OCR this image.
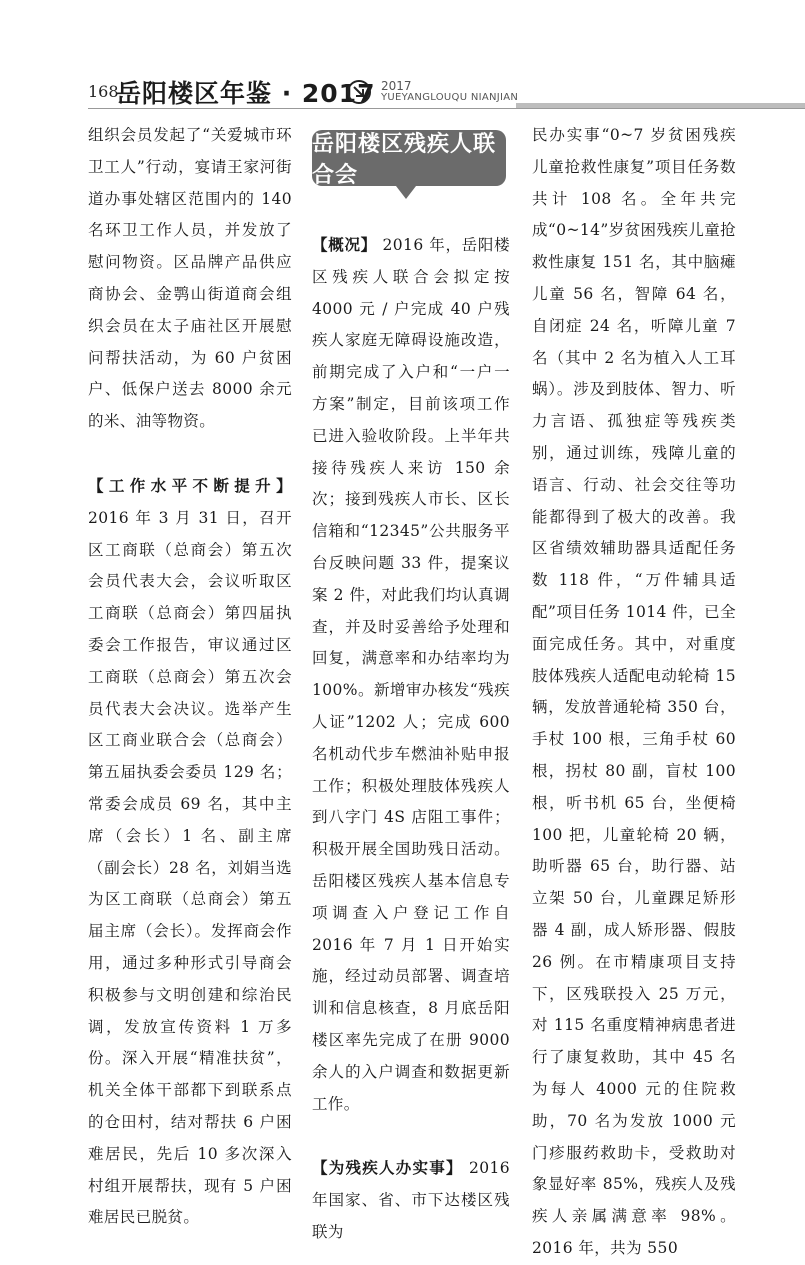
168
岳阳楼区年鉴 · 2017 2017
YUEYANGLOUQU NIANJIAN

组织会员发起了“关爱城市环卫工人”行动，宴请王家河街道办事处辖区范围内的 140 名环卫工作人员，并发放了慰问物资。区品牌产品供应商协会、金鹗山街道商会组织会员在太子庙社区开展慰问帮扶活动，为 60 户贫困户、低保户送去 8000 余元的米、油等物资。

【工作水平不断提升】 2016 年 3 月 31 日，召开区工商联（总商会）第五次会员代表大会，会议听取区工商联（总商会）第四届执委会工作报告，审议通过区工商联（总商会）第五次会员代表大会决议。选举产生区工商业联合会（总商会）第五届执委会委员 129 名；常委会成员 69 名，其中主席（会长）1 名、副主席（副会长）28 名，刘娟当选为区工商联（总商会）第五届主席（会长）。发挥商会作用，通过多种形式引导商会积极参与文明创建和综治民调，发放宣传资料 1 万多份。深入开展“精准扶贫”，机关全体干部都下到联系点的仓田村，结对帮扶 6 户困难居民，先后 10 多次深入村组开展帮扶，现有 5 户困难居民已脱贫。

岳阳楼区残疾人联合会

【概况】 2016 年，岳阳楼区残疾人联合会拟定按 4000 元 / 户完成 40 户残疾人家庭无障碍设施改造，前期完成了入户和“一户一方案”制定，目前该项工作已进入验收阶段。上半年共接待残疾人来访 150 余次；接到残疾人市长、区长信箱和“12345”公共服务平台反映问题 33 件，提案议案 2 件，对此我们均认真调查，并及时妥善给予处理和回复，满意率和办结率均为 100%。新增审办核发“残疾人证”1202 人；完成 600 名机动代步车燃油补贴申报工作；积极处理肢体残疾人到八字门 4S 店阻工事件；积极开展全国助残日活动。岳阳楼区残疾人基本信息专项调查入户登记工作自 2016 年 7 月 1 日开始实施，经过动员部署、调查培训和信息核查，8 月底岳阳楼区率先完成了在册 9000 余人的入户调查和数据更新工作。

【为残疾人办实事】 2016 年国家、省、市下达楼区残联为

民办实事“0~7 岁贫困残疾儿童抢救性康复”项目任务数共计 108 名。全年共完成“0~14”岁贫困残疾儿童抢救性康复 151 名，其中脑瘫儿童 56 名，智障 64 名，自闭症 24 名，听障儿童 7 名（其中 2 名为植入人工耳蜗）。涉及到肢体、智力、听力言语、孤独症等残疾类别，通过训练，残障儿童的语言、行动、社会交往等功能都得到了极大的改善。我区省绩效辅助器具适配任务数 118 件，“万件辅具适配”项目任务 1014 件，已全面完成任务。其中，对重度肢体残疾人适配电动轮椅 15 辆，发放普通轮椅 350 台，手杖 100 根，三角手杖 60 根，拐杖 80 副，盲杖 100 根，听书机 65 台，坐便椅 100 把，儿童轮椅 20 辆，助听器 65 台，助行器、站立架 50 台，儿童踝足矫形器 4 副，成人矫形器、假肢 26 例。在市精康项目支持下，区残联投入 25 万元，对 115 名重度精神病患者进行了康复救助，其中 45 名为每人 4000 元的住院救助，70 名为发放 1000 元门疹服药救助卡，受救助对象显好率 85%，残疾人及残疾人亲属满意率 98%。2016 年，共为 550
